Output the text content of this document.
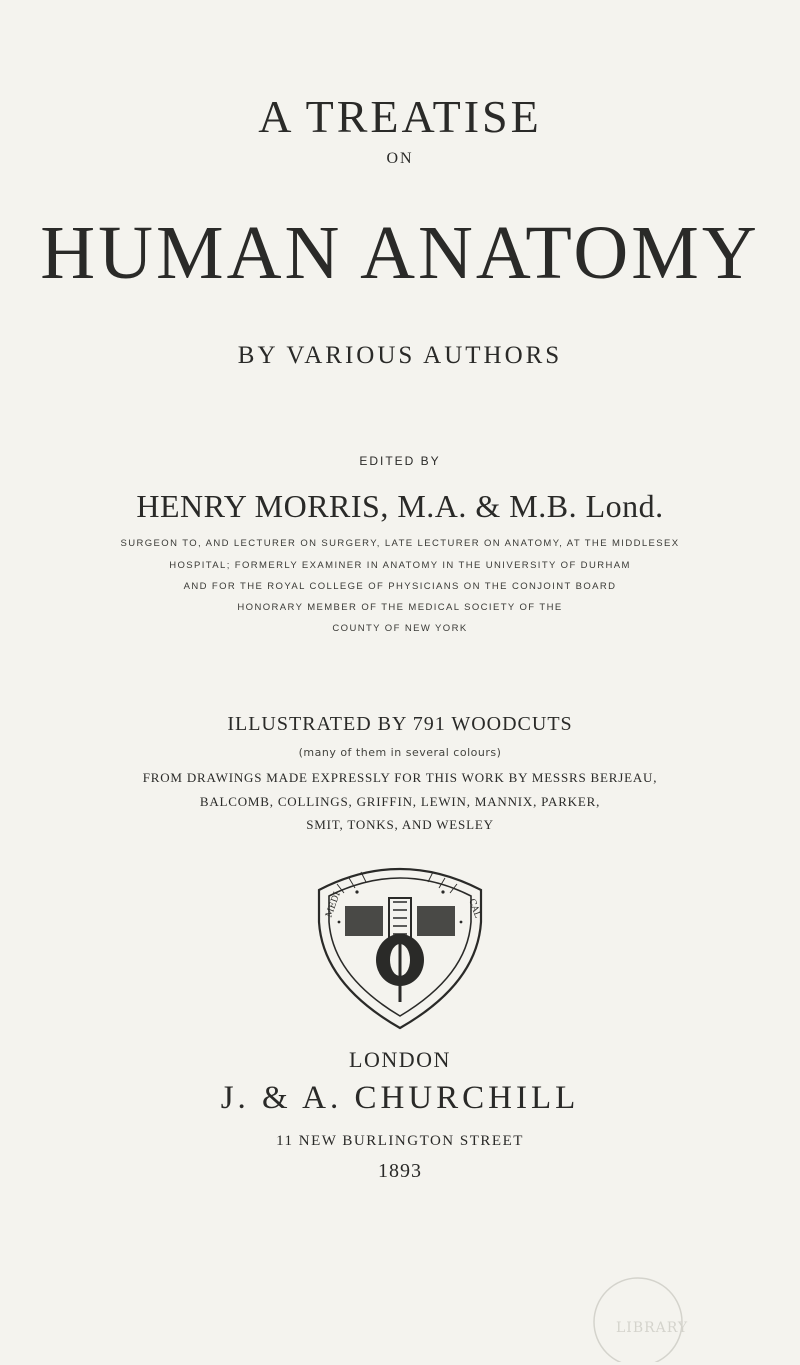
A TREATISE
ON
HUMAN ANATOMY
BY VARIOUS AUTHORS
EDITED BY
HENRY MORRIS, M.A. & M.B. Lond.
SURGEON TO, AND LECTURER ON SURGERY, LATE LECTURER ON ANATOMY, AT THE MIDDLESEX
HOSPITAL; FORMERLY EXAMINER IN ANATOMY IN THE UNIVERSITY OF DURHAM
AND FOR THE ROYAL COLLEGE OF PHYSICIANS ON THE CONJOINT BOARD
HONORARY MEMBER OF THE MEDICAL SOCIETY OF THE
COUNTY OF NEW YORK
ILLUSTRATED BY 791 WOODCUTS
(many of them in several colours)
FROM DRAWINGS MADE EXPRESSLY FOR THIS WORK BY MESSRS BERJEAU,
BALCOMB, COLLINGS, GRIFFIN, LEWIN, MANNIX, PARKER,
SMIT, TONKS, AND WESLEY
MEDI	CAL
LONDON
J. & A. CHURCHILL
11 NEW BURLINGTON STREET
1893
LIBRARY
